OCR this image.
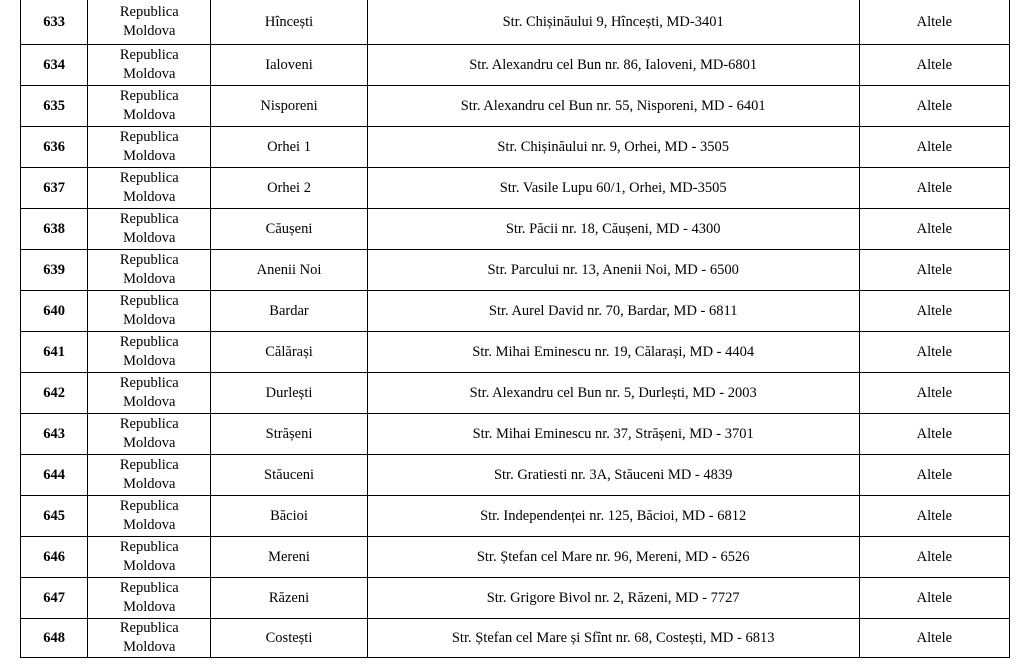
633	Republica
Moldova	Hîncești	Str. Chișinăului 9, Hîncești, MD-3401	Altele
634	Republica
Moldova	Ialoveni	Str. Alexandru cel Bun nr. 86, Ialoveni, MD-6801	Altele
635	Republica
Moldova	Nisporeni	Str. Alexandru cel Bun nr. 55, Nisporeni, MD - 6401	Altele
636	Republica
Moldova	Orhei 1	Str. Chișinăului nr. 9, Orhei, MD - 3505	Altele
637	Republica
Moldova	Orhei 2	Str. Vasile Lupu 60/1, Orhei, MD-3505	Altele
638	Republica
Moldova	Căușeni	Str. Păcii nr. 18, Căușeni, MD - 4300	Altele
639	Republica
Moldova	Anenii Noi	Str. Parcului nr. 13, Anenii Noi, MD - 6500	Altele
640	Republica
Moldova	Bardar	Str. Aurel David nr. 70, Bardar, MD - 6811	Altele
641	Republica
Moldova	Călărași	Str. Mihai Eminescu nr. 19, Călarași, MD - 4404	Altele
642	Republica
Moldova	Durlești	Str. Alexandru cel Bun nr. 5, Durlești, MD - 2003	Altele
643	Republica
Moldova	Strășeni	Str. Mihai Eminescu nr. 37, Strășeni, MD - 3701	Altele
644	Republica
Moldova	Stăuceni	Str. Gratiesti nr. 3A, Stăuceni MD - 4839	Altele
645	Republica
Moldova	Băcioi	Str. Independenței nr. 125, Băcioi, MD - 6812	Altele
646	Republica
Moldova	Mereni	Str. Ștefan cel Mare nr. 96, Mereni, MD - 6526	Altele
647	Republica
Moldova	Răzeni	Str. Grigore Bivol nr. 2, Răzeni, MD - 7727	Altele
648	Republica
Moldova	Costești	Str. Ștefan cel Mare și Sfînt nr. 68, Costești, MD - 6813	Altele
